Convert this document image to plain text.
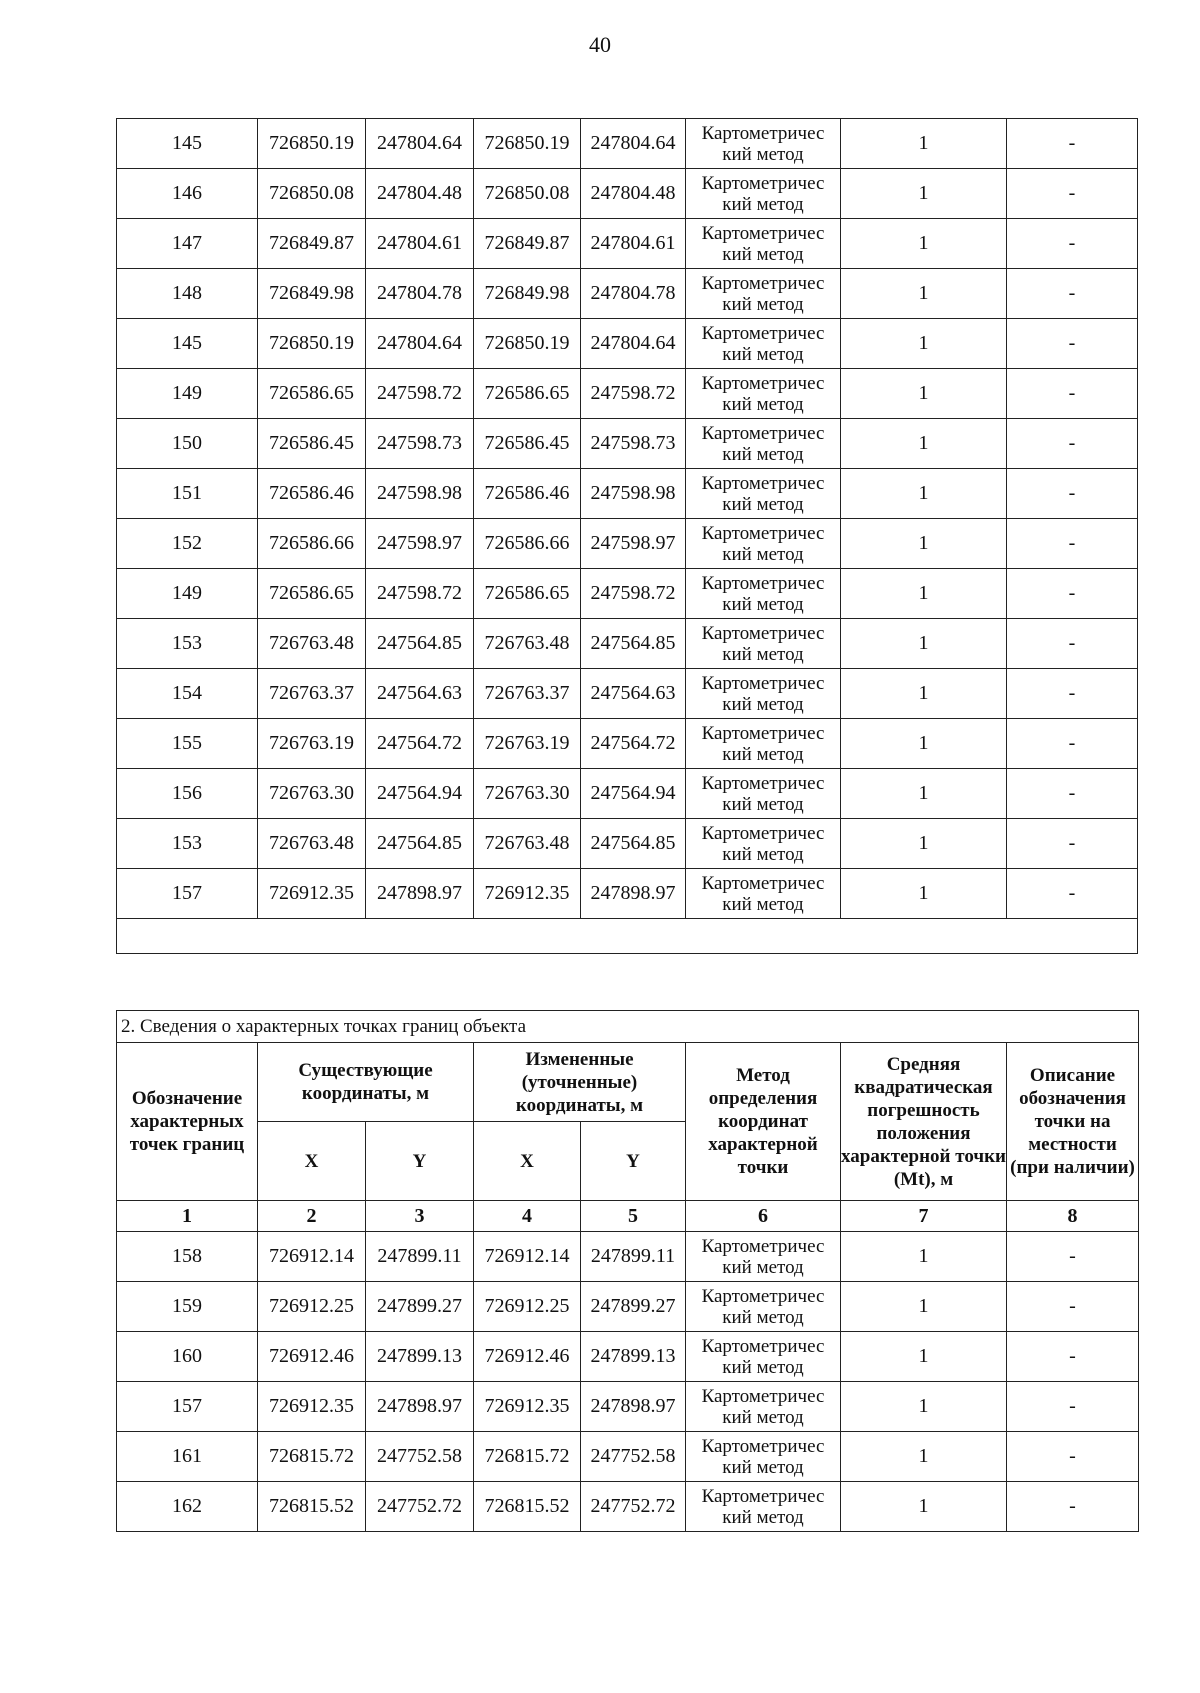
40
145	726850.19	247804.64	726850.19	247804.64	Картометричес кий метод	1	-
146	726850.08	247804.48	726850.08	247804.48	Картометричес кий метод	1	-
147	726849.87	247804.61	726849.87	247804.61	Картометричес кий метод	1	-
148	726849.98	247804.78	726849.98	247804.78	Картометричес кий метод	1	-
145	726850.19	247804.64	726850.19	247804.64	Картометричес кий метод	1	-
149	726586.65	247598.72	726586.65	247598.72	Картометричес кий метод	1	-
150	726586.45	247598.73	726586.45	247598.73	Картометричес кий метод	1	-
151	726586.46	247598.98	726586.46	247598.98	Картометричес кий метод	1	-
152	726586.66	247598.97	726586.66	247598.97	Картометричес кий метод	1	-
149	726586.65	247598.72	726586.65	247598.72	Картометричес кий метод	1	-
153	726763.48	247564.85	726763.48	247564.85	Картометричес кий метод	1	-
154	726763.37	247564.63	726763.37	247564.63	Картометричес кий метод	1	-
155	726763.19	247564.72	726763.19	247564.72	Картометричес кий метод	1	-
156	726763.30	247564.94	726763.30	247564.94	Картометричес кий метод	1	-
153	726763.48	247564.85	726763.48	247564.85	Картометричес кий метод	1	-
157	726912.35	247898.97	726912.35	247898.97	Картометричес кий метод	1	-

2. Сведения о характерных точках границ объекта							
Обозначение характерных точек границ	Существующие координаты, м		Измененные (уточненные) координаты, м		Метод определения координат характерной точки	Средняя квадратическая погрешность положения характерной точки (Mt), м	Описание обозначения точки на местности (при наличии)
	X	Y	X	Y			
1	2	3	4	5	6	7	8
158	726912.14	247899.11	726912.14	247899.11	Картометричес кий метод	1	-
159	726912.25	247899.27	726912.25	247899.27	Картометричес кий метод	1	-
160	726912.46	247899.13	726912.46	247899.13	Картометричес кий метод	1	-
157	726912.35	247898.97	726912.35	247898.97	Картометричес кий метод	1	-
161	726815.72	247752.58	726815.72	247752.58	Картометричес кий метод	1	-
162	726815.52	247752.72	726815.52	247752.72	Картометричес кий метод	1	-
